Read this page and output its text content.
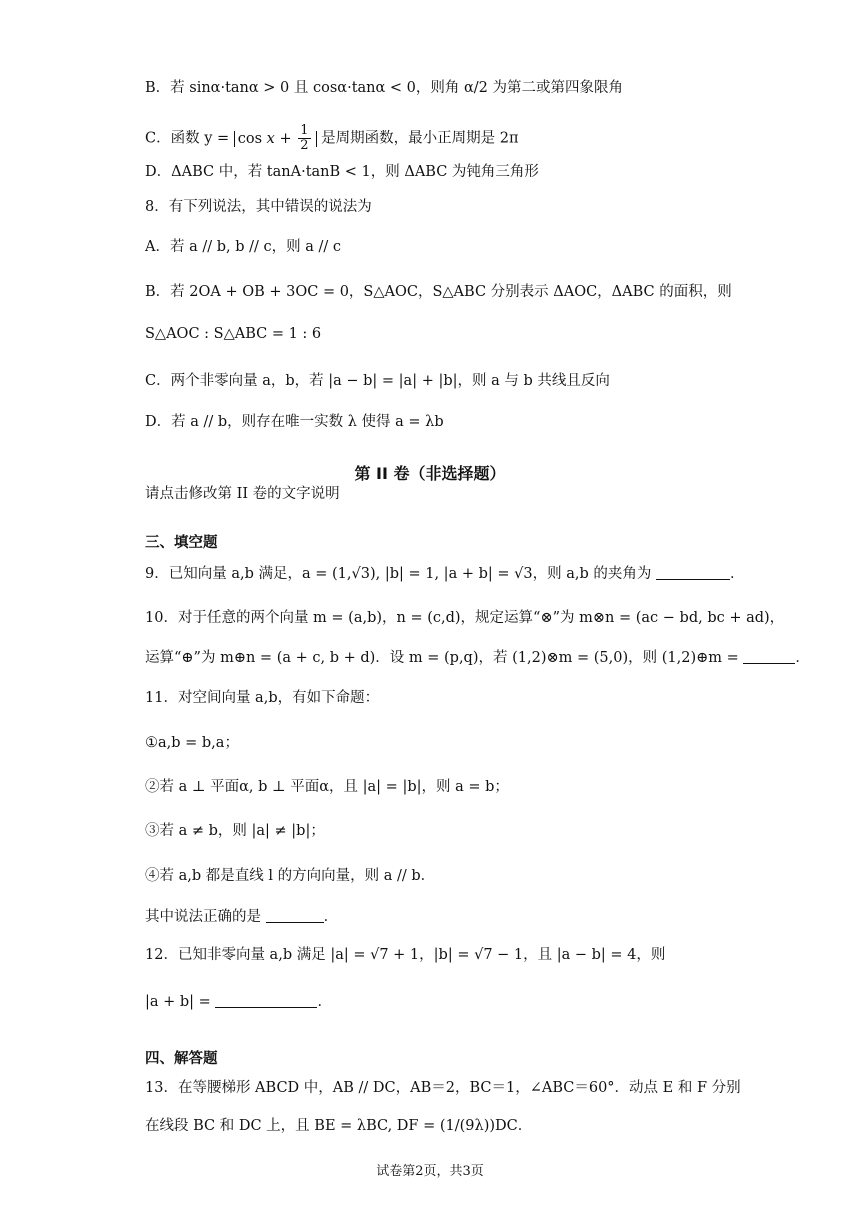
B．若 sinα·tanα > 0 且 cosα·tanα < 0，则角 α/2 为第二或第四象限角
C．函数 $y = \cos x + \frac{1}{2}$ 是周期函数，最小正周期是 2π
D．ΔABC 中，若 tanA·tanB < 1，则 ΔABC 为钝角三角形
8．有下列说法，其中错误的说法为
A．若 a // b, b // c，则 a // c
B．若 2OA + OB + 3OC = 0，S△AOC，S△ABC 分别表示 ΔAOC，ΔABC 的面积，则
S△AOC : S△ABC = 1 : 6
C．两个非零向量 a，b，若 |a − b| = |a| + |b|，则 a 与 b 共线且反向
D．若 a // b，则存在唯一实数 λ 使得 a = λb
第 II 卷（非选择题）
请点击修改第 II 卷的文字说明
三、填空题
9．已知向量 a,b 满足，a = (1,√3), |b| = 1, |a + b| = √3，则 a,b 的夹角为	．
10．对于任意的两个向量 m = (a,b)，n = (c,d)，规定运算“⊗”为 m⊗n = (ac − bd, bc + ad)，
运算“⊕”为 m⊕n = (a + c, b + d)．设 m = (p,q)，若 (1,2)⊗m = (5,0)，则 (1,2)⊕m =	．
11．对空间向量 a,b，有如下命题：
①a,b = b,a；
②若 a ⊥ 平面α, b ⊥ 平面α，且 |a| = |b|，则 a = b；
③若 a ≠ b，则 |a| ≠ |b|；
④若 a,b 都是直线 l 的方向向量，则 a // b．
其中说法正确的是	．
12．已知非零向量 a,b 满足 |a| = √7 + 1，|b| = √7 − 1，且 |a − b| = 4，则
|a + b| =	．
四、解答题
13．在等腰梯形 ABCD 中，AB // DC，AB＝2，BC＝1，∠ABC＝60°．动点 E 和 F 分别
在线段 BC 和 DC 上，且 BE = λBC, DF = (1/(9λ))DC．
试卷第2页，共3页
